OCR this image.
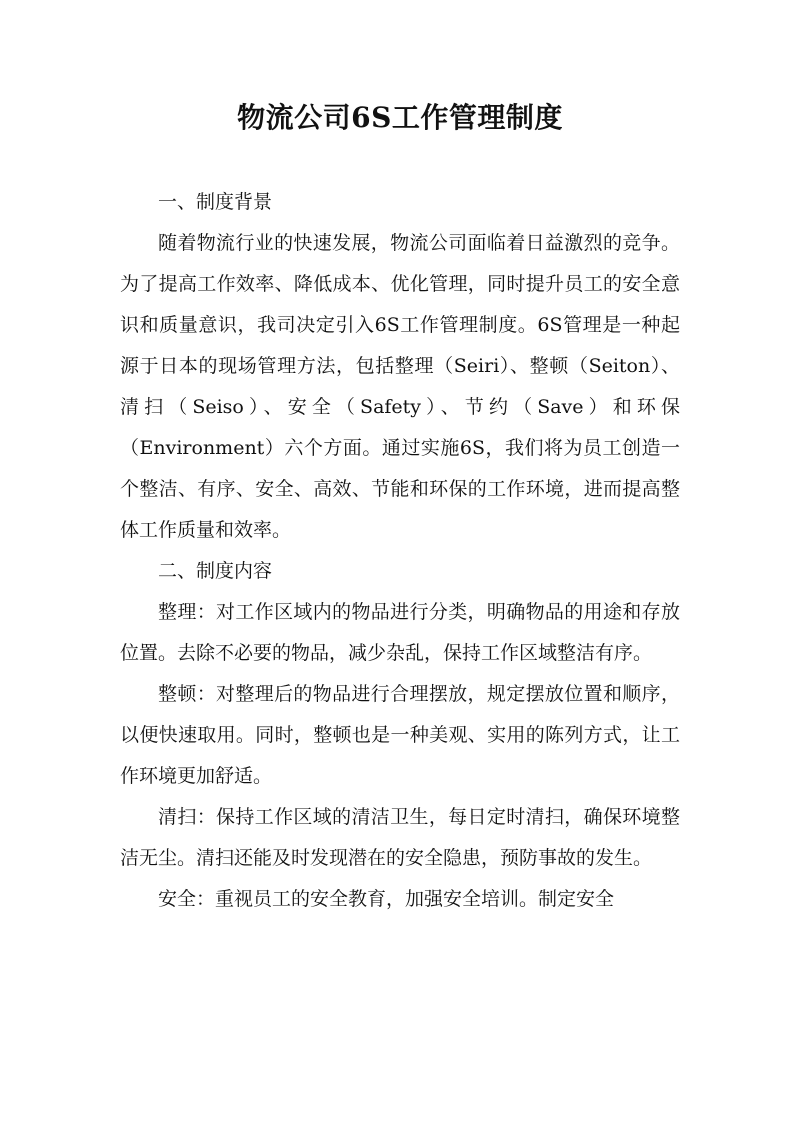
物流公司6S工作管理制度

一、制度背景

随着物流行业的快速发展，物流公司面临着日益激烈的竞争。为了提高工作效率、降低成本、优化管理，同时提升员工的安全意识和质量意识，我司决定引入6S工作管理制度。6S管理是一种起源于日本的现场管理方法，包括整理（Seiri）、整顿（Seiton）、清扫（Seiso）、安全（Safety）、节约（Save）和环保（Environment）六个方面。通过实施6S，我们将为员工创造一个整洁、有序、安全、高效、节能和环保的工作环境，进而提高整体工作质量和效率。

二、制度内容

整理：对工作区域内的物品进行分类，明确物品的用途和存放位置。去除不必要的物品，减少杂乱，保持工作区域整洁有序。

整顿：对整理后的物品进行合理摆放，规定摆放位置和顺序，以便快速取用。同时，整顿也是一种美观、实用的陈列方式，让工作环境更加舒适。

清扫：保持工作区域的清洁卫生，每日定时清扫，确保环境整洁无尘。清扫还能及时发现潜在的安全隐患，预防事故的发生。

安全：重视员工的安全教育，加强安全培训。制定安全
